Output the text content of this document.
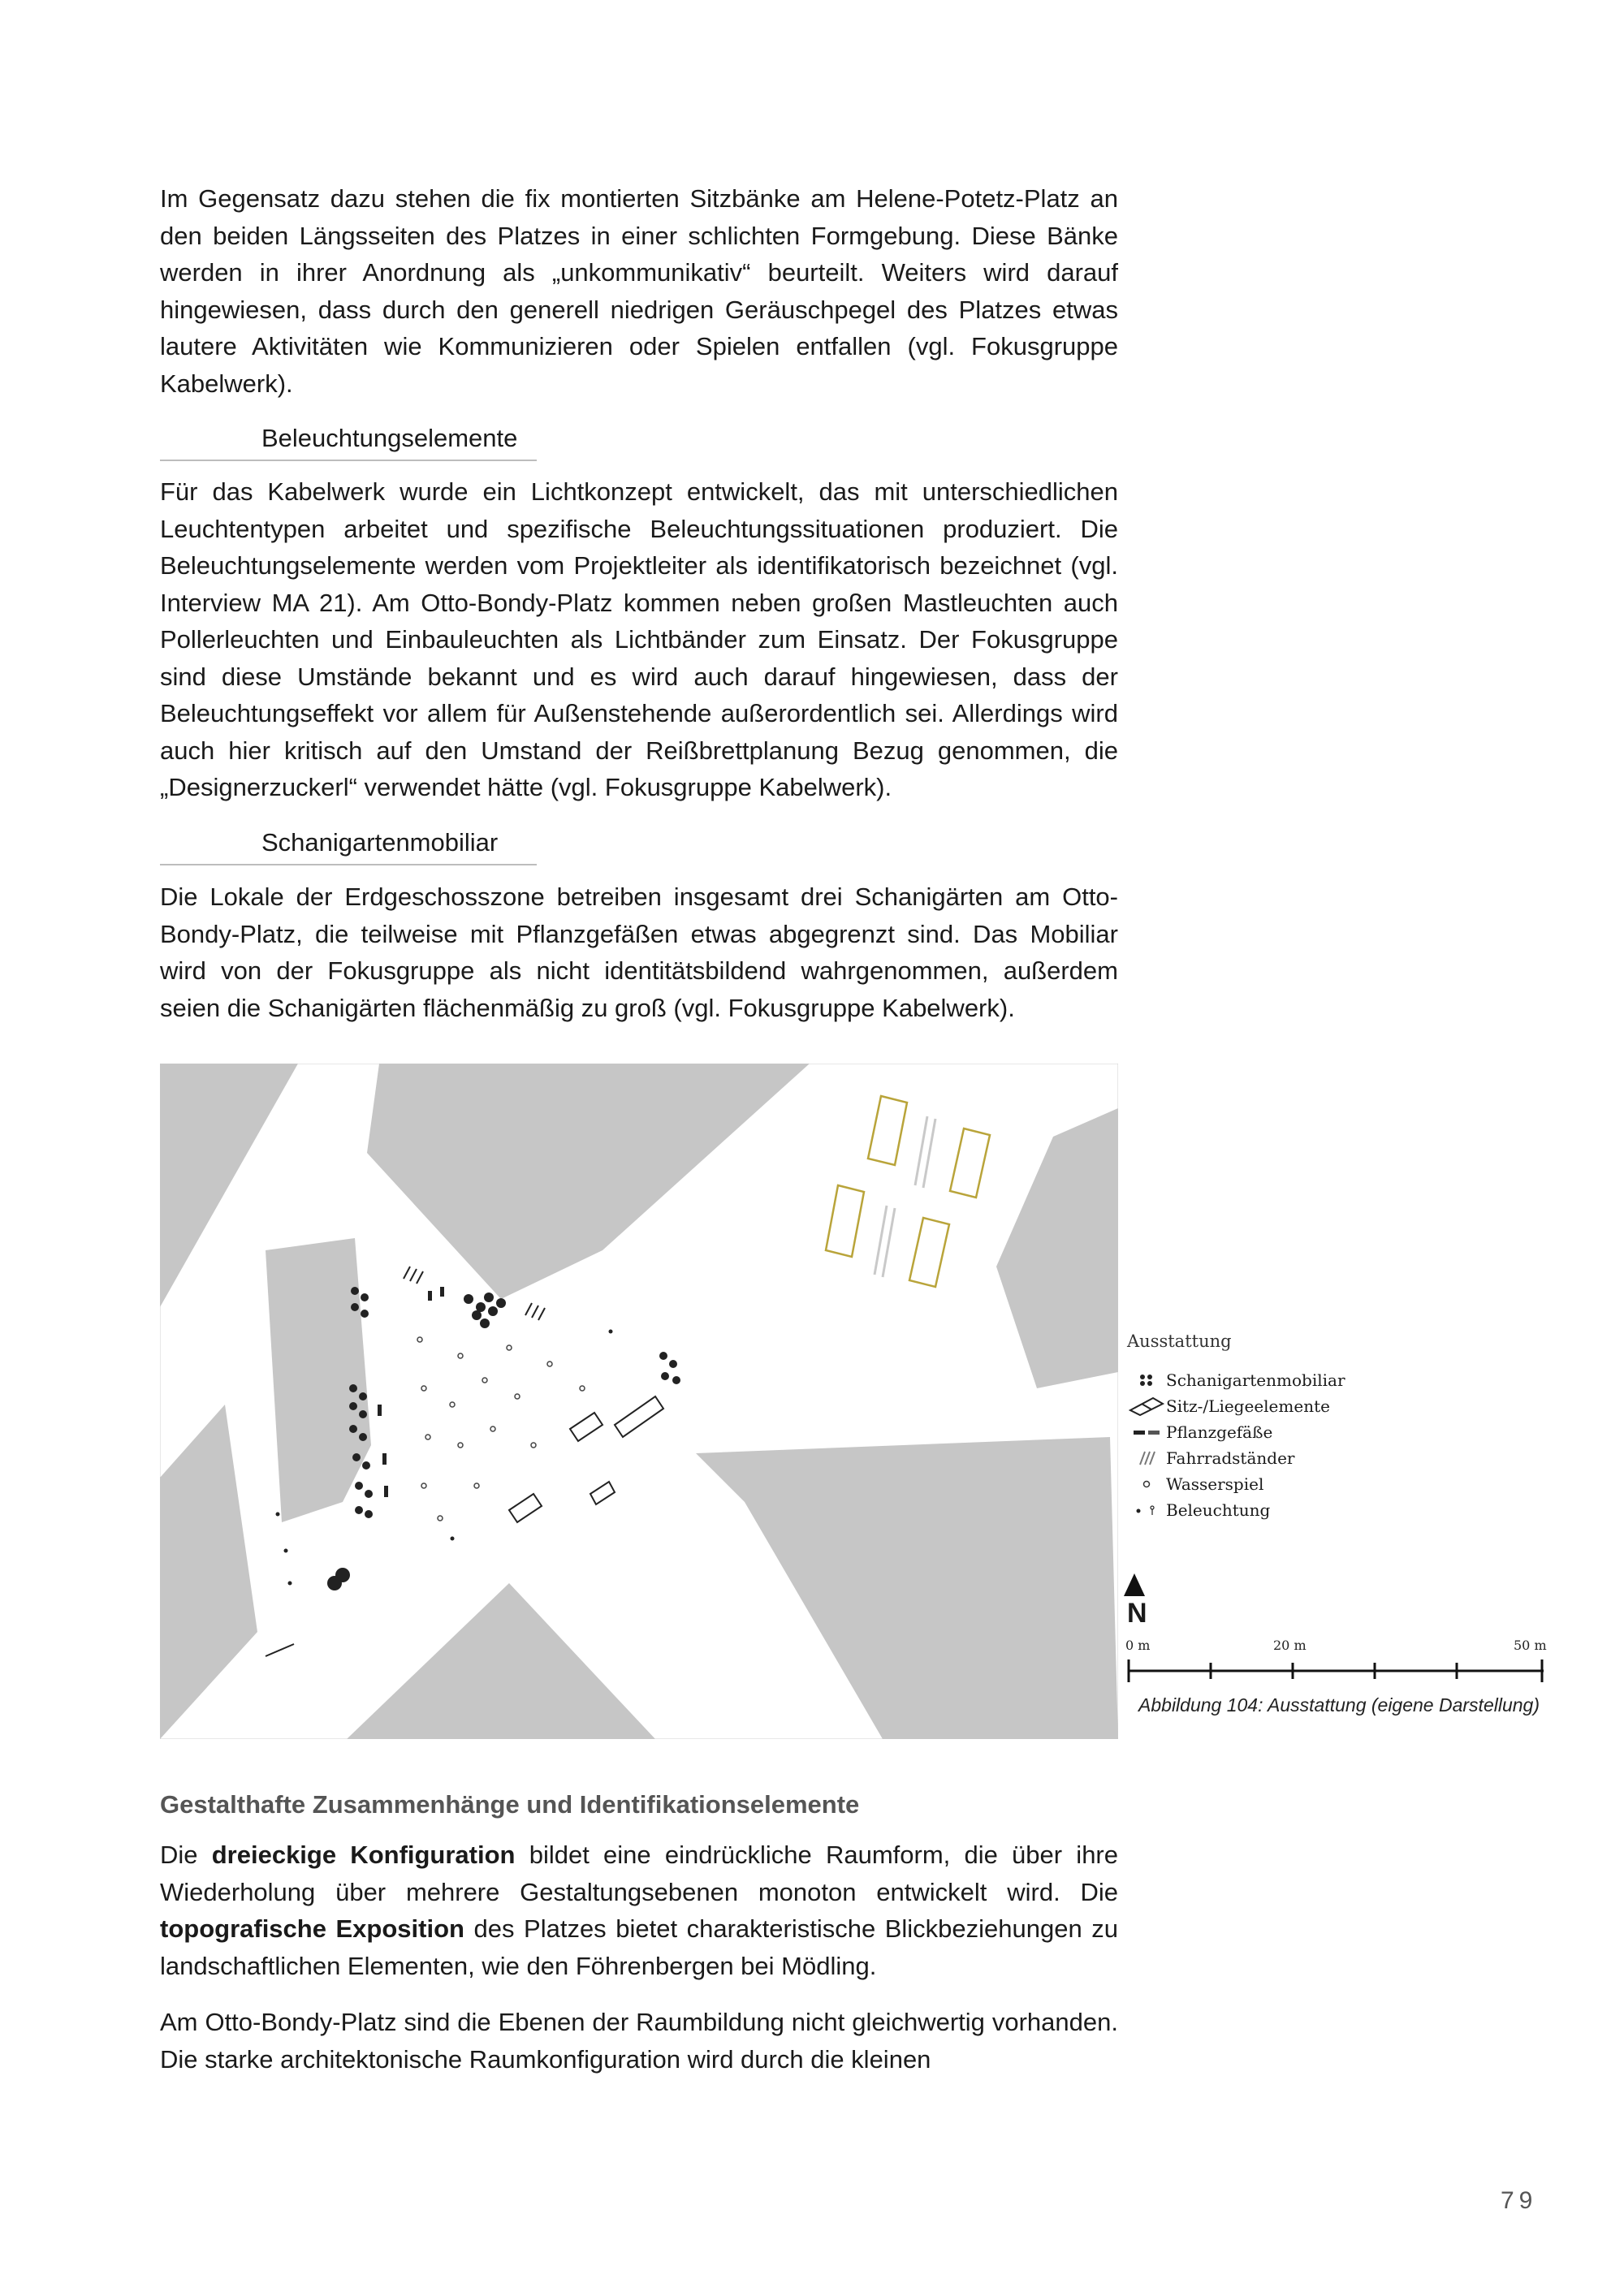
Im Gegensatz dazu stehen die fix montierten Sitzbänke am Helene-Potetz-Platz an den beiden Längsseiten des Platzes in einer schlichten Formgebung. Diese Bänke werden in ihrer Anordnung als „unkommunikativ“ beurteilt. Weiters wird darauf hingewiesen, dass durch den generell niedrigen Geräuschpegel des Platzes etwas lautere Aktivitäten wie Kommunizieren oder Spielen entfallen (vgl. Fokusgruppe Kabelwerk).

Beleuchtungselemente

Für das Kabelwerk wurde ein Lichtkonzept entwickelt, das mit unterschiedlichen Leuchtentypen arbeitet und spezifische Beleuchtungssituationen produziert. Die Beleuchtungselemente werden vom Projektleiter als identifikatorisch bezeichnet (vgl. Interview MA 21). Am Otto-Bondy-Platz kommen neben großen Mastleuchten auch Pollerleuchten und Einbauleuchten als Lichtbänder zum Einsatz. Der Fokusgruppe sind diese Umstände bekannt und es wird auch darauf hingewiesen, dass der Beleuchtungseffekt vor allem für Außenstehende außerordentlich sei. Allerdings wird auch hier kritisch auf den Umstand der Reißbrettplanung Bezug genommen, die „Designerzuckerl“ verwendet hätte (vgl. Fokusgruppe Kabelwerk).

Schanigartenmobiliar

Die Lokale der Erdgeschosszone betreiben insgesamt drei Schanigärten am Otto-Bondy-Platz, die teilweise mit Pflanzgefäßen etwas abgegrenzt sind. Das Mobiliar wird von der Fokusgruppe als nicht identitätsbildend wahrgenommen, außerdem seien die Schanigärten flächenmäßig zu groß (vgl. Fokusgruppe Kabelwerk).

Ausstattung
Schanigartenmobiliar
Sitz-/Liegeelemente
Pflanzgefäße
Fahrradständer
Wasserspiel
Beleuchtung
N
0 m	20 m	50 m
Abbildung 104: Ausstattung (eigene Darstellung)
Gestalthafte Zusammenhänge und Identifikationselemente

Die dreieckige Konfiguration bildet eine eindrückliche Raumform, die über ihre Wiederholung über mehrere Gestaltungsebenen monoton entwickelt wird. Die topografische Exposition des Platzes bietet charakteristische Blickbeziehungen zu landschaftlichen Elementen, wie den Föhrenbergen bei Mödling.

Am Otto-Bondy-Platz sind die Ebenen der Raumbildung nicht gleichwertig vorhanden. Die starke architektonische Raumkonfiguration wird durch die kleinen

79
